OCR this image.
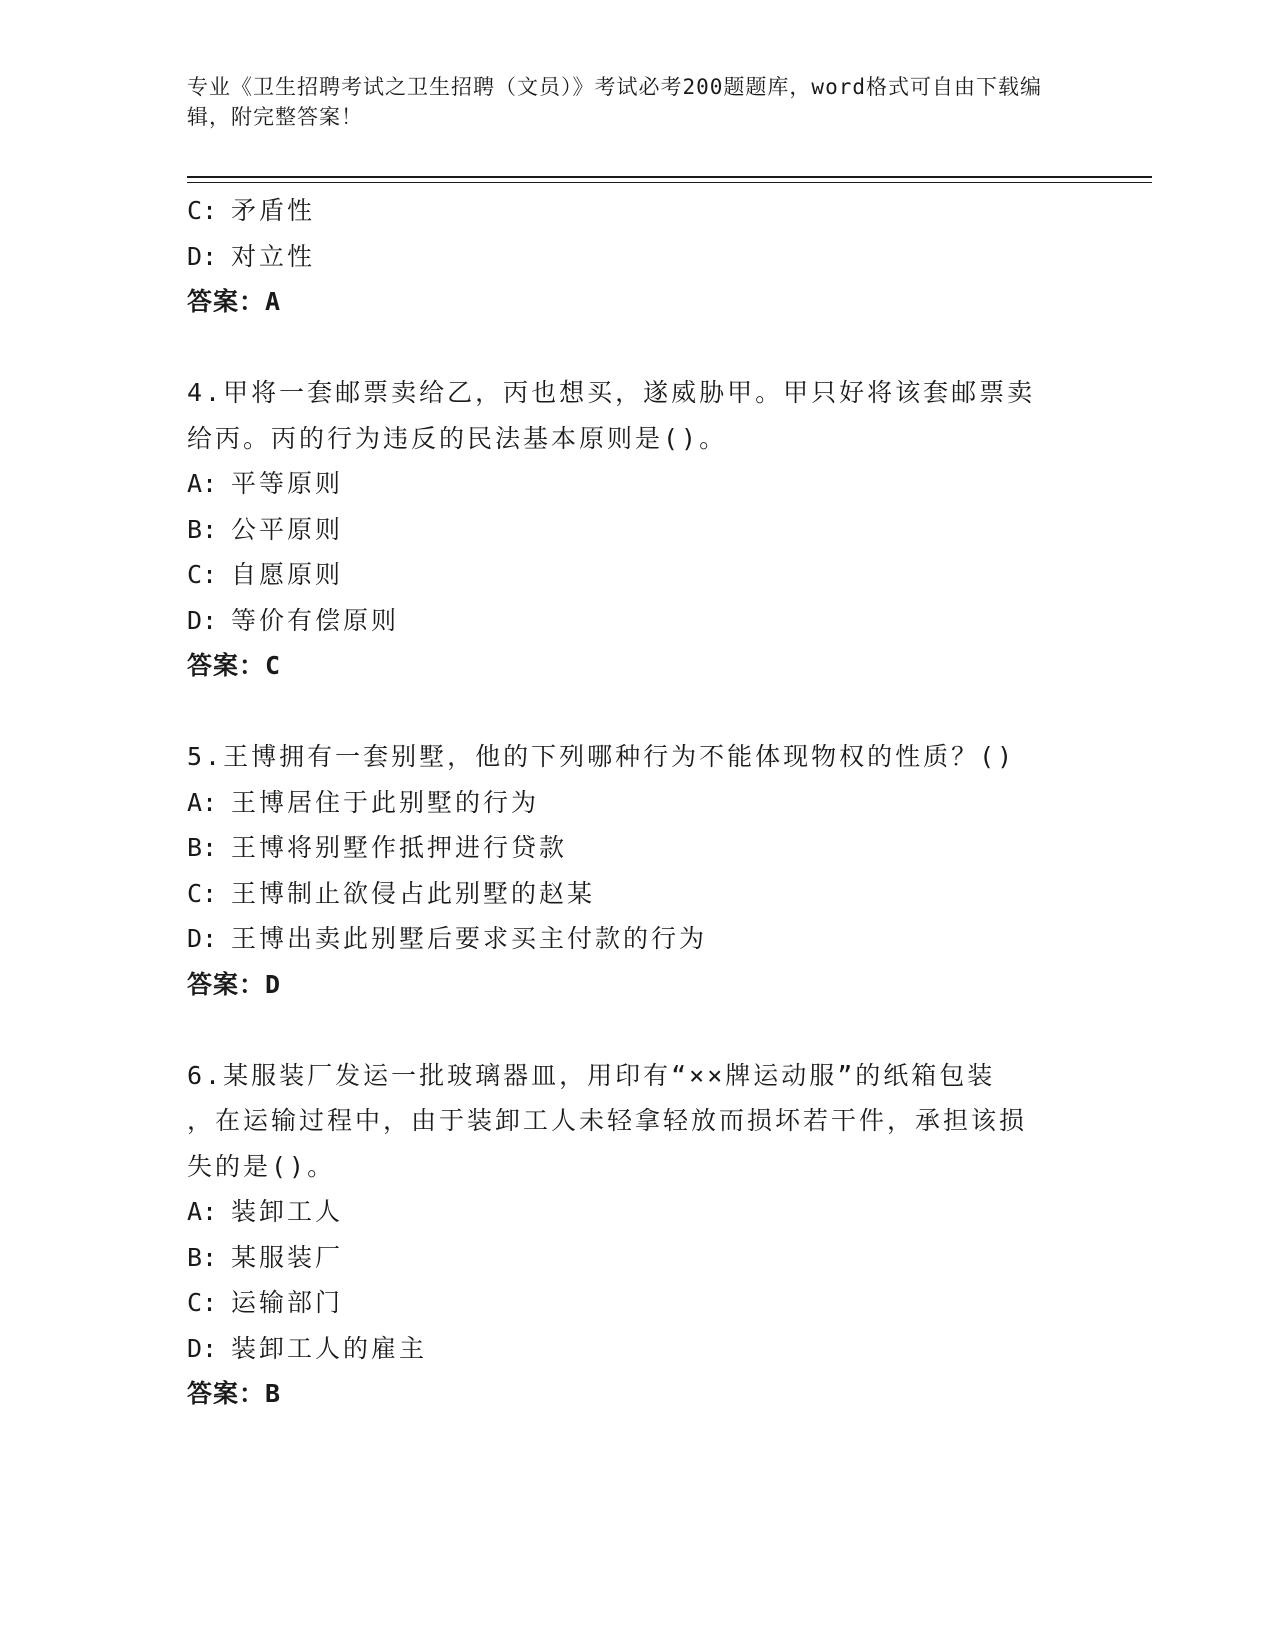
专业《卫生招聘考试之卫生招聘（文员）》考试必考200题题库，word格式可自由下载编辑，附完整答案！
C: 矛盾性
D: 对立性
答案：A
4.甲将一套邮票卖给乙，丙也想买，遂威胁甲。甲只好将该套邮票卖
给丙。丙的行为违反的民法基本原则是()。
A: 平等原则
B: 公平原则
C: 自愿原则
D: 等价有偿原则
答案：C
5.王博拥有一套别墅，他的下列哪种行为不能体现物权的性质？()
A: 王博居住于此别墅的行为
B: 王博将别墅作抵押进行贷款
C: 王博制止欲侵占此别墅的赵某
D: 王博出卖此别墅后要求买主付款的行为
答案：D
6.某服装厂发运一批玻璃器皿，用印有“××牌运动服”的纸箱包装
，在运输过程中，由于装卸工人未轻拿轻放而损坏若干件，承担该损
失的是()。
A: 装卸工人
B: 某服装厂
C: 运输部门
D: 装卸工人的雇主
答案：B
